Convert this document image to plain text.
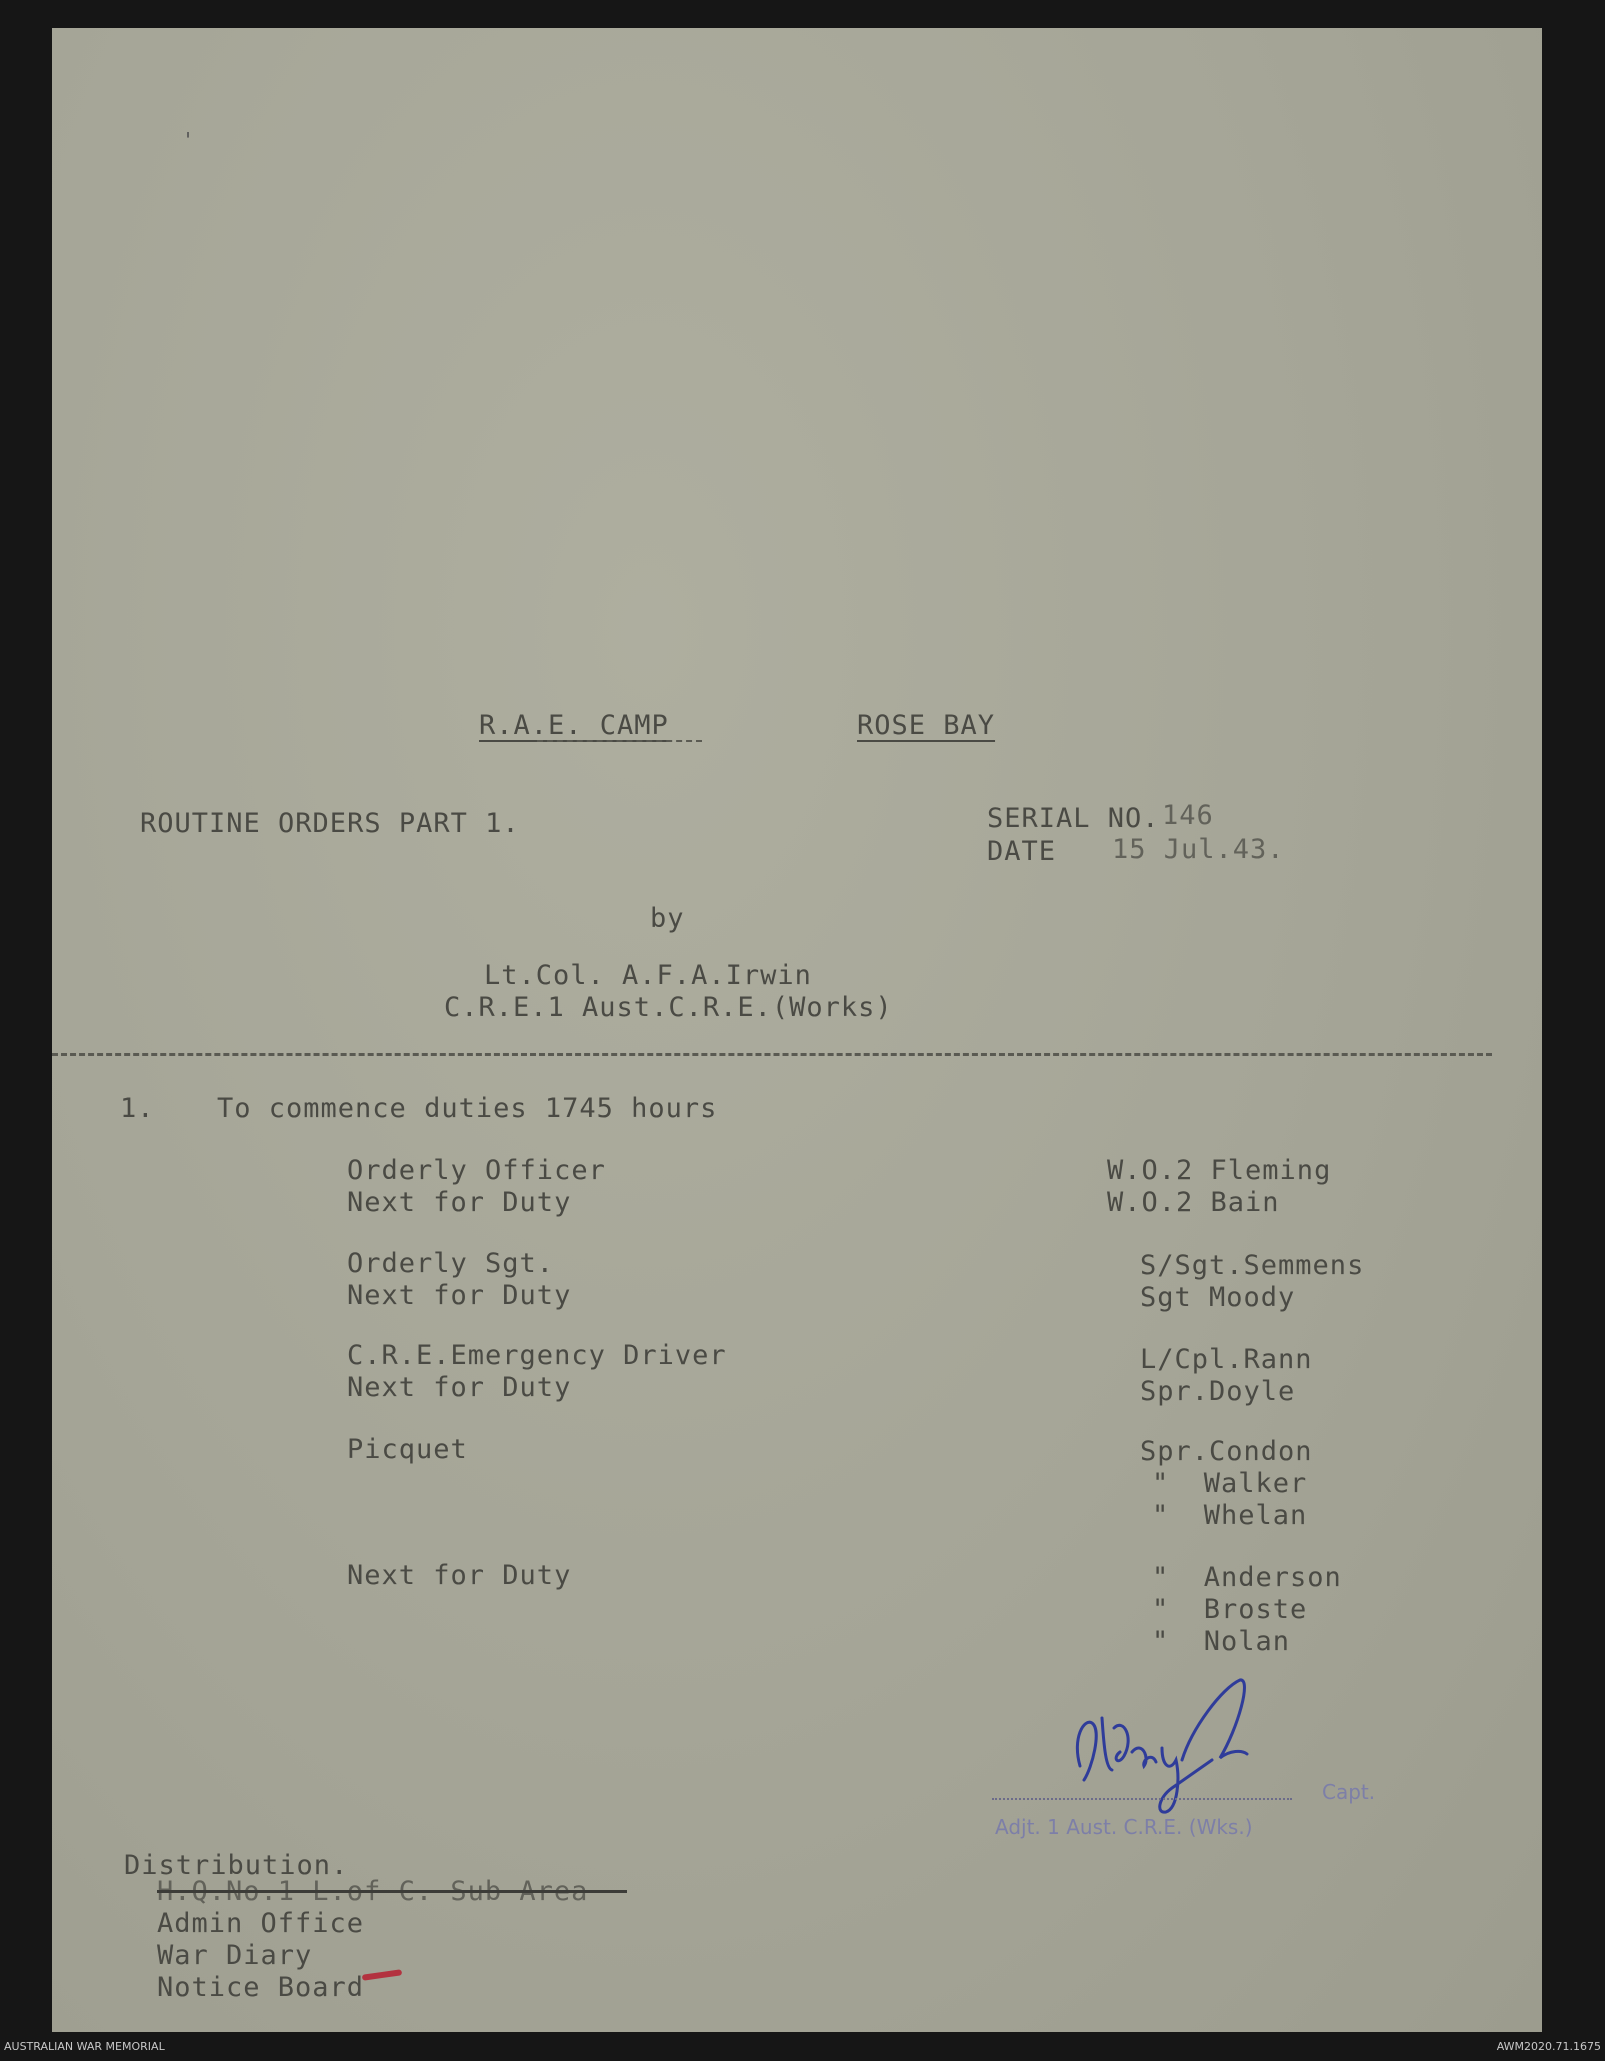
'
R.A.E. CAMP	ROSE BAY
ROUTINE ORDERS PART 1.	SERIAL NO. 146
DATE 15 Jul.43.
by
Lt.Col. A.F.A.Irwin
C.R.E.1 Aust.C.R.E.(Works)
1. To commence duties 1745 hours
Orderly Officer	W.O.2 Fleming
Next for Duty	W.O.2 Bain
Orderly Sgt.	S/Sgt.Semmens
Next for Duty	Sgt Moody
C.R.E.Emergency Driver	L/Cpl.Rann
Next for Duty	Spr.Doyle
Picquet	Spr.Condon
"  Walker
"  Whelan
Next for Duty	"  Anderson
"  Broste
"  Nolan
Capt.
Adjt. 1 Aust. C.R.E. (Wks.)
Distribution.
H.Q.No.1 L.of C. Sub Area
Admin Office
War Diary
Notice Board
AUSTRALIAN WAR MEMORIAL	AWM2020.71.1675
